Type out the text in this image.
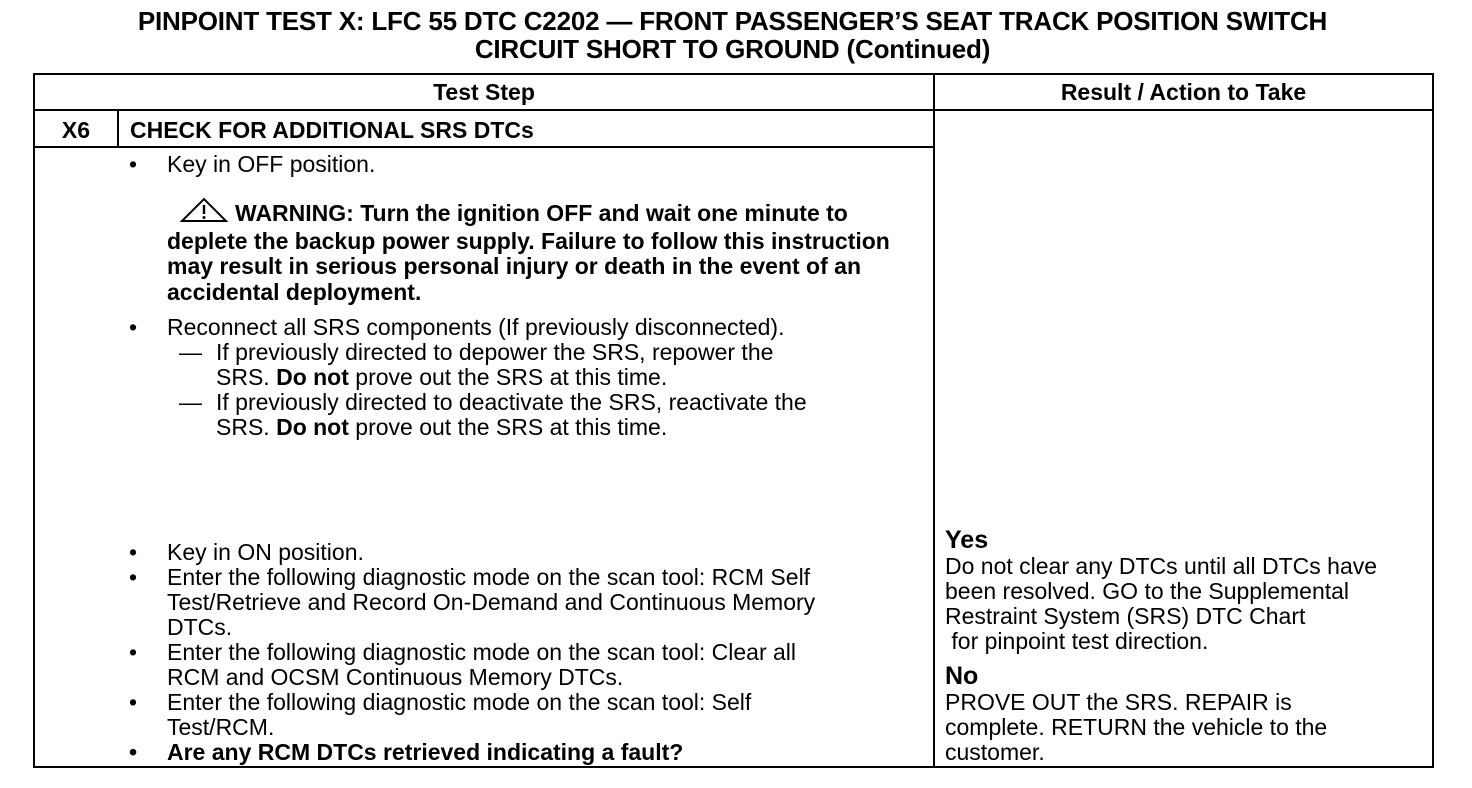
PINPOINT TEST X: LFC 55 DTC C2202 — FRONT PASSENGER’S SEAT TRACK POSITION SWITCH
CIRCUIT SHORT TO GROUND (Continued)
Test Step	Result / Action to Take
X6	CHECK FOR ADDITIONAL SRS DTCs
• Key in OFF position.
WARNING: Turn the ignition OFF and wait one minute to deplete the backup power supply. Failure to follow this instruction may result in serious personal injury or death in the event of an accidental deployment.
• Reconnect all SRS components (If previously disconnected).
— If previously directed to depower the SRS, repower the
SRS. Do not prove out the SRS at this time.
— If previously directed to deactivate the SRS, reactivate the
SRS. Do not prove out the SRS at this time.
• Key in ON position.
• Enter the following diagnostic mode on the scan tool: RCM Self
Test/Retrieve and Record On-Demand and Continuous Memory
DTCs.
• Enter the following diagnostic mode on the scan tool: Clear all
RCM and OCSM Continuous Memory DTCs.
• Enter the following diagnostic mode on the scan tool: Self
Test/RCM.
• Are any RCM DTCs retrieved indicating a fault?
Yes
Do not clear any DTCs until all DTCs have
been resolved. GO to the Supplemental
Restraint System (SRS) DTC Chart
for pinpoint test direction.
No
PROVE OUT the SRS. REPAIR is
complete. RETURN the vehicle to the
customer.
